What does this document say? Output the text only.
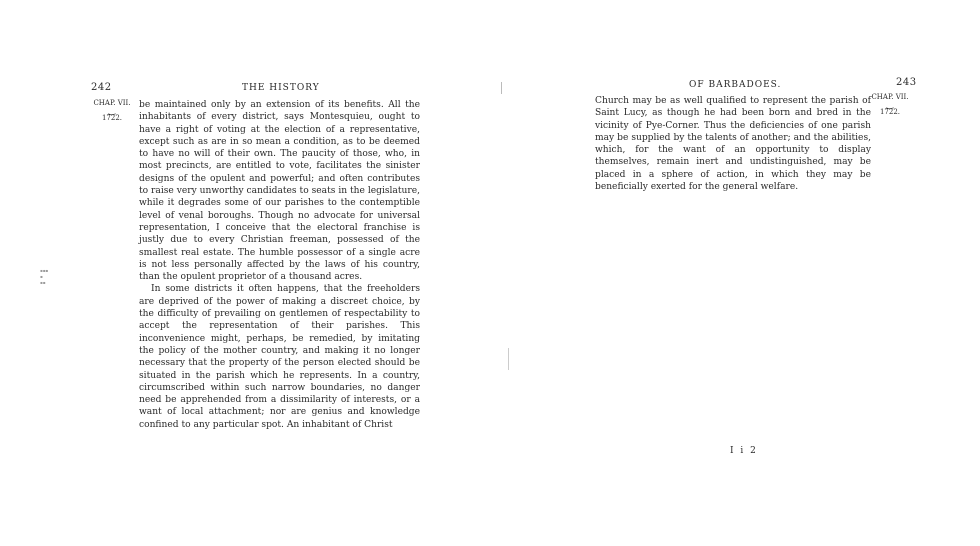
242	THE HISTORY
CHAP. VII.
⏟
1722.

be maintained only by an extension of its benefits. All the inhabitants of every district, says Montesquieu, ought to have a right of voting at the election of a representative, except such as are in so mean a condition, as to be deemed to have no will of their own. The paucity of those, who, in most precincts, are entitled to vote, facilitates the sinister designs of the opulent and powerful; and often contributes to raise very unworthy candidates to seats in the legislature, while it degrades some of our parishes to the contemptible level of venal boroughs. Though no advocate for universal representation, I conceive that the electoral franchise is justly due to every Christian freeman, possessed of the smallest real estate. The humble possessor of a single acre is not less personally affected by the laws of his country, than the opulent proprietor of a thousand acres.

In some districts it often happens, that the freeholders are deprived of the power of making a discreet choice, by the difficulty of prevailing on gentlemen of respectability to accept the representation of their parishes. This inconvenience might, perhaps, be remedied, by imitating the policy of the mother country, and making it no longer necessary that the property of the person elected should be situated in the parish which he represents. In a country, circumscribed within such narrow boundaries, no danger need be apprehended from a dissimilarity of interests, or a want of local attachment; nor are genius and knowledge confined to any particular spot. An inhabitant of Christ

▪▪▪
▪
▪▪
OF BARBADOES.	243
CHAP. VII.
⏟
1722.

Church may be as well qualified to represent the parish of Saint Lucy, as though he had been born and bred in the vicinity of Pye-Corner. Thus the deficiencies of one parish may be supplied by the talents of another; and the abilities, which, for the want of an opportunity to display themselves, remain inert and undistinguished, may be placed in a sphere of action, in which they may be beneficially exerted for the general welfare.

I i 2
